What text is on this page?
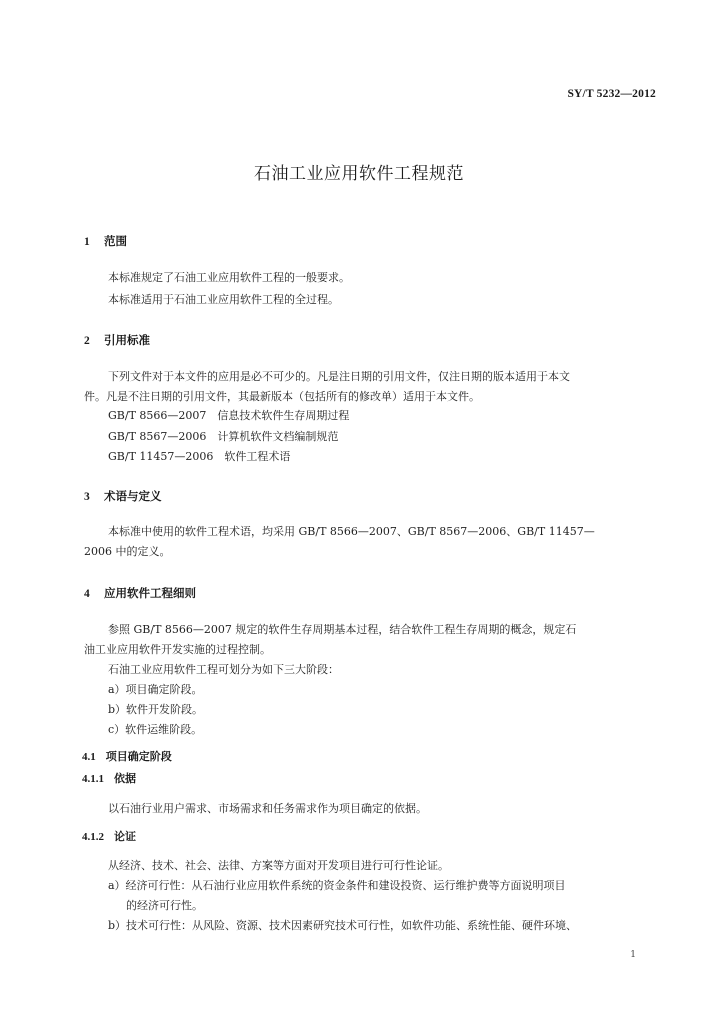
SY/T 5232—2012
石油工业应用软件工程规范
1 范围
本标准规定了石油工业应用软件工程的一般要求。
本标准适用于石油工业应用软件工程的全过程。
2 引用标准
下列文件对于本文件的应用是必不可少的。凡是注日期的引用文件，仅注日期的版本适用于本文
件。凡是不注日期的引用文件，其最新版本（包括所有的修改单）适用于本文件。
GB/T 8566—2007　信息技术软件生存周期过程
GB/T 8567—2006　计算机软件文档编制规范
GB/T 11457—2006　软件工程术语
3 术语与定义
本标准中使用的软件工程术语，均采用 GB/T 8566—2007、GB/T 8567—2006、GB/T 11457—
2006 中的定义。
4 应用软件工程细则
参照 GB/T 8566—2007 规定的软件生存周期基本过程，结合软件工程生存周期的概念，规定石
油工业应用软件开发实施的过程控制。
石油工业应用软件工程可划分为如下三大阶段：
a）项目确定阶段。
b）软件开发阶段。
c）软件运维阶段。
4.1 项目确定阶段
4.1.1 依据
以石油行业用户需求、市场需求和任务需求作为项目确定的依据。
4.1.2 论证
从经济、技术、社会、法律、方案等方面对开发项目进行可行性论证。
a）经济可行性：从石油行业应用软件系统的资金条件和建设投资、运行维护费等方面说明项目
的经济可行性。
b）技术可行性：从风险、资源、技术因素研究技术可行性，如软件功能、系统性能、硬件环境、
1
